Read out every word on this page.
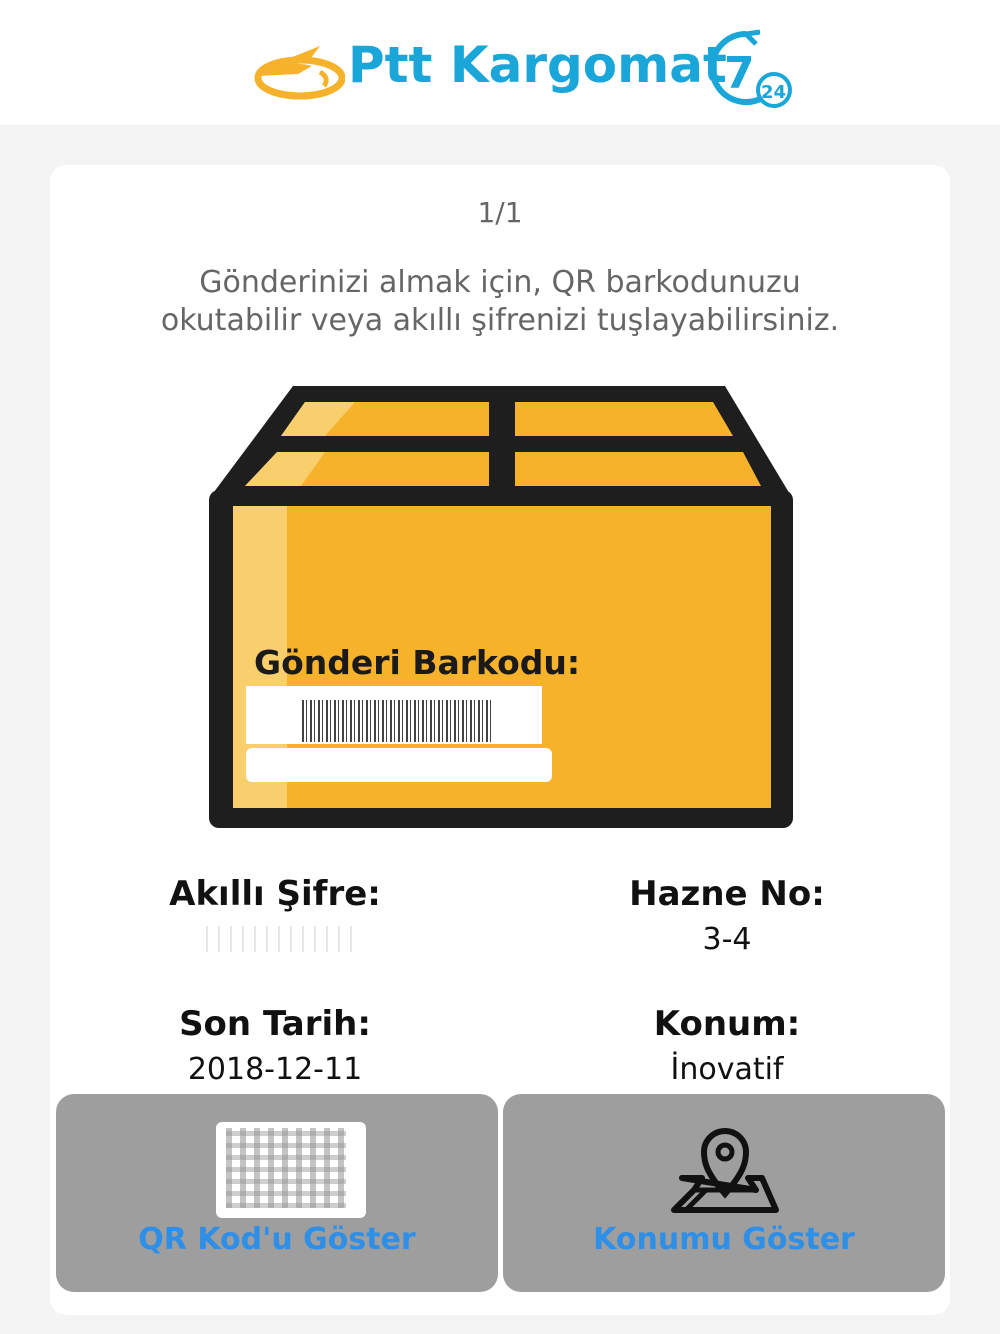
Ptt Kargomat
7 24
1/1
Gönderinizi almak için, QR barkodunuzu
okutabilir veya akıllı şifrenizi tuşlayabilirsiniz.
Gönderi Barkodu:
Akıllı Şifre:	Hazne No:
3-4
Son Tarih:
2018-12-11
Konum:
İnovatif
QR Kod'u Göster	Konumu Göster
